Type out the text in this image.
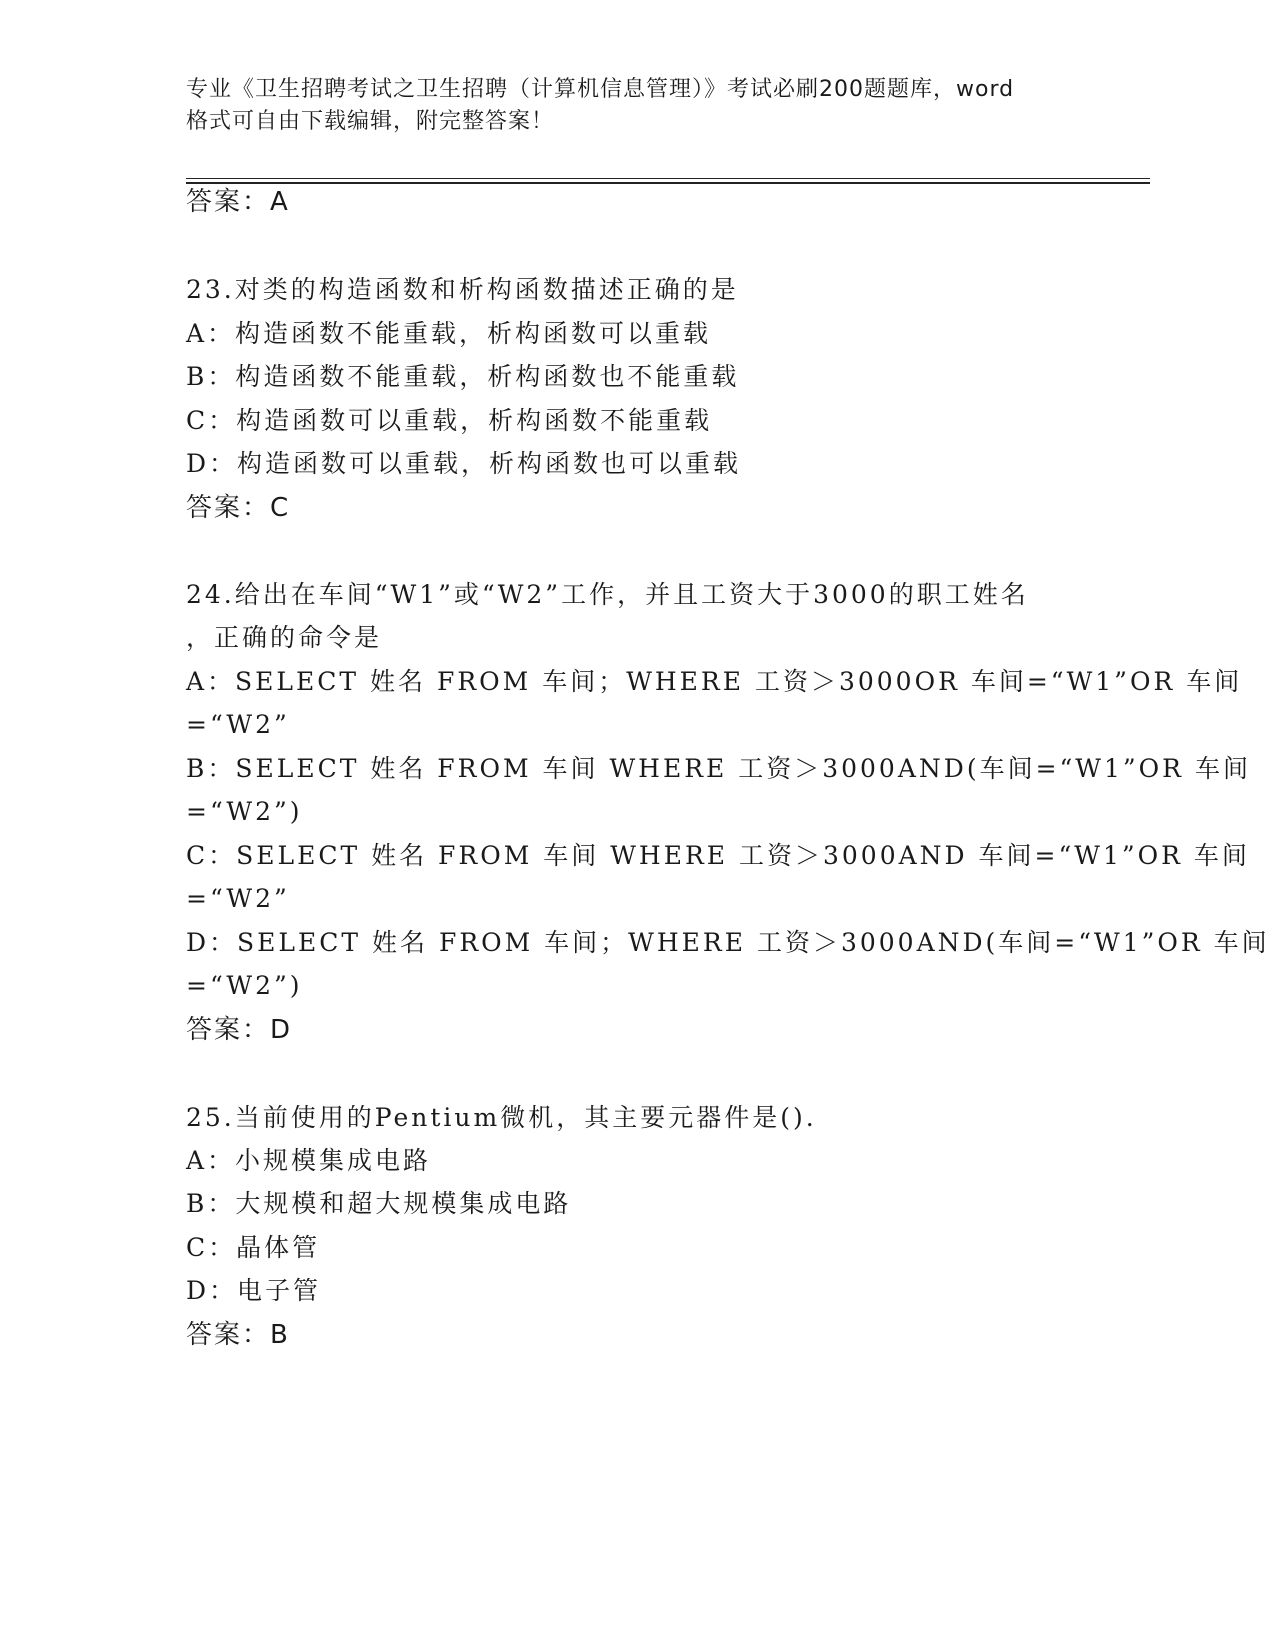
专业《卫生招聘考试之卫生招聘（计算机信息管理）》考试必刷200题题库，word
格式可自由下载编辑，附完整答案！
答案：A
23.对类的构造函数和析构函数描述正确的是
A：构造函数不能重载，析构函数可以重载
B：构造函数不能重载，析构函数也不能重载
C：构造函数可以重载，析构函数不能重载
D：构造函数可以重载，析构函数也可以重载
答案：C
24.给出在车间“W1”或“W2”工作，并且工资大于3000的职工姓名
，正确的命令是
A：SELECT 姓名 FROM 车间；WHERE 工资＞3000OR 车间=“W1”OR 车间
=“W2”
B：SELECT 姓名 FROM 车间 WHERE 工资＞3000AND(车间=“W1”OR 车间
=“W2”)
C：SELECT 姓名 FROM 车间 WHERE 工资＞3000AND 车间=“W1”OR 车间
=“W2”
D：SELECT 姓名 FROM 车间；WHERE 工资＞3000AND(车间=“W1”OR 车间
=“W2”)
答案：D
25.当前使用的Pentium微机，其主要元器件是().
A：小规模集成电路
B：大规模和超大规模集成电路
C：晶体管
D：电子管
答案：B
